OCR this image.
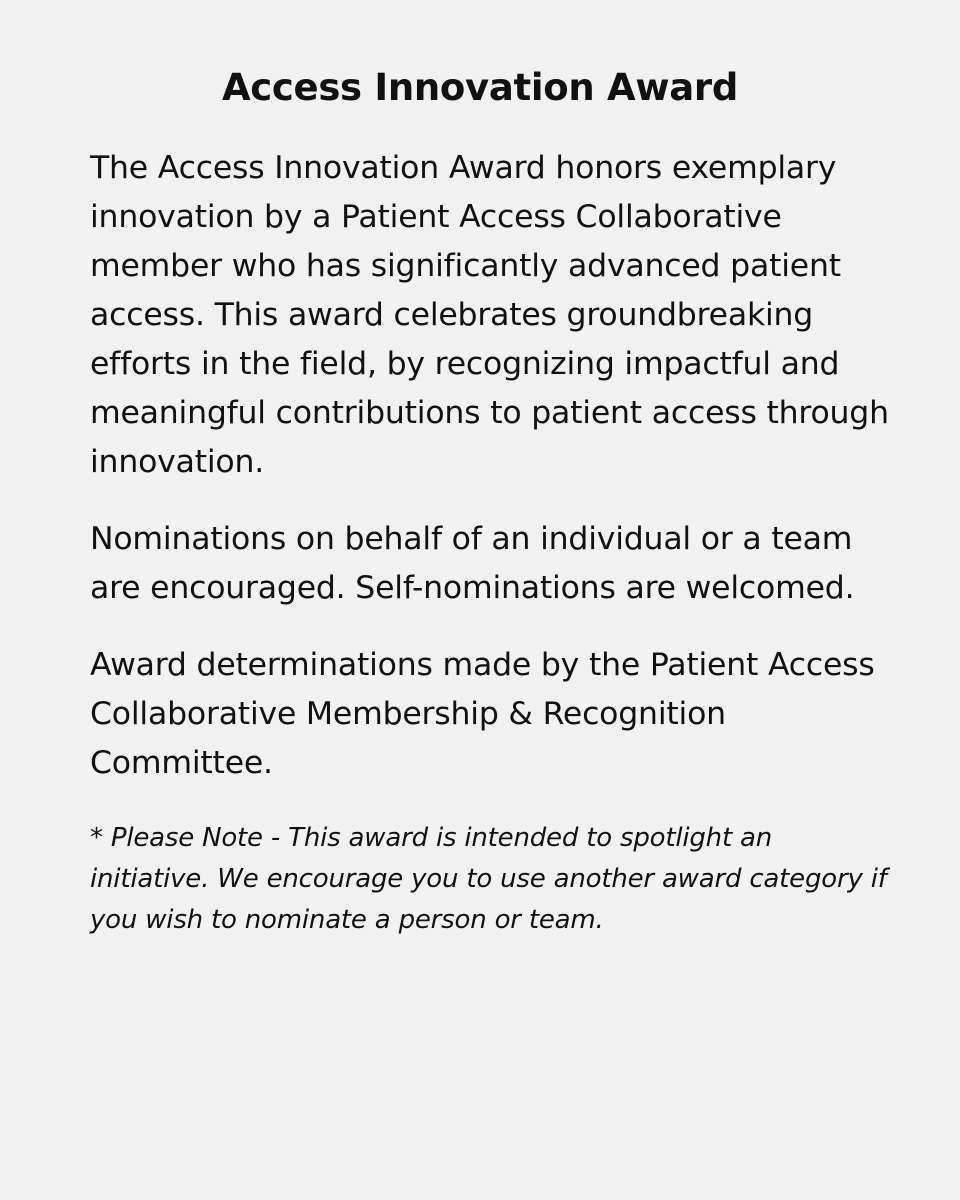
Access Innovation Award

The Access Innovation Award honors exemplary innovation by a Patient Access Collaborative member who has significantly advanced patient access. This award celebrates groundbreaking efforts in the field, by recognizing impactful and meaningful contributions to patient access through innovation.

Nominations on behalf of an individual or a team are encouraged. Self-nominations are welcomed.

Award determinations made by the Patient Access Collaborative Membership & Recognition Committee.

* Please Note - This award is intended to spotlight an initiative. We encourage you to use another award category if you wish to nominate a person or team.
